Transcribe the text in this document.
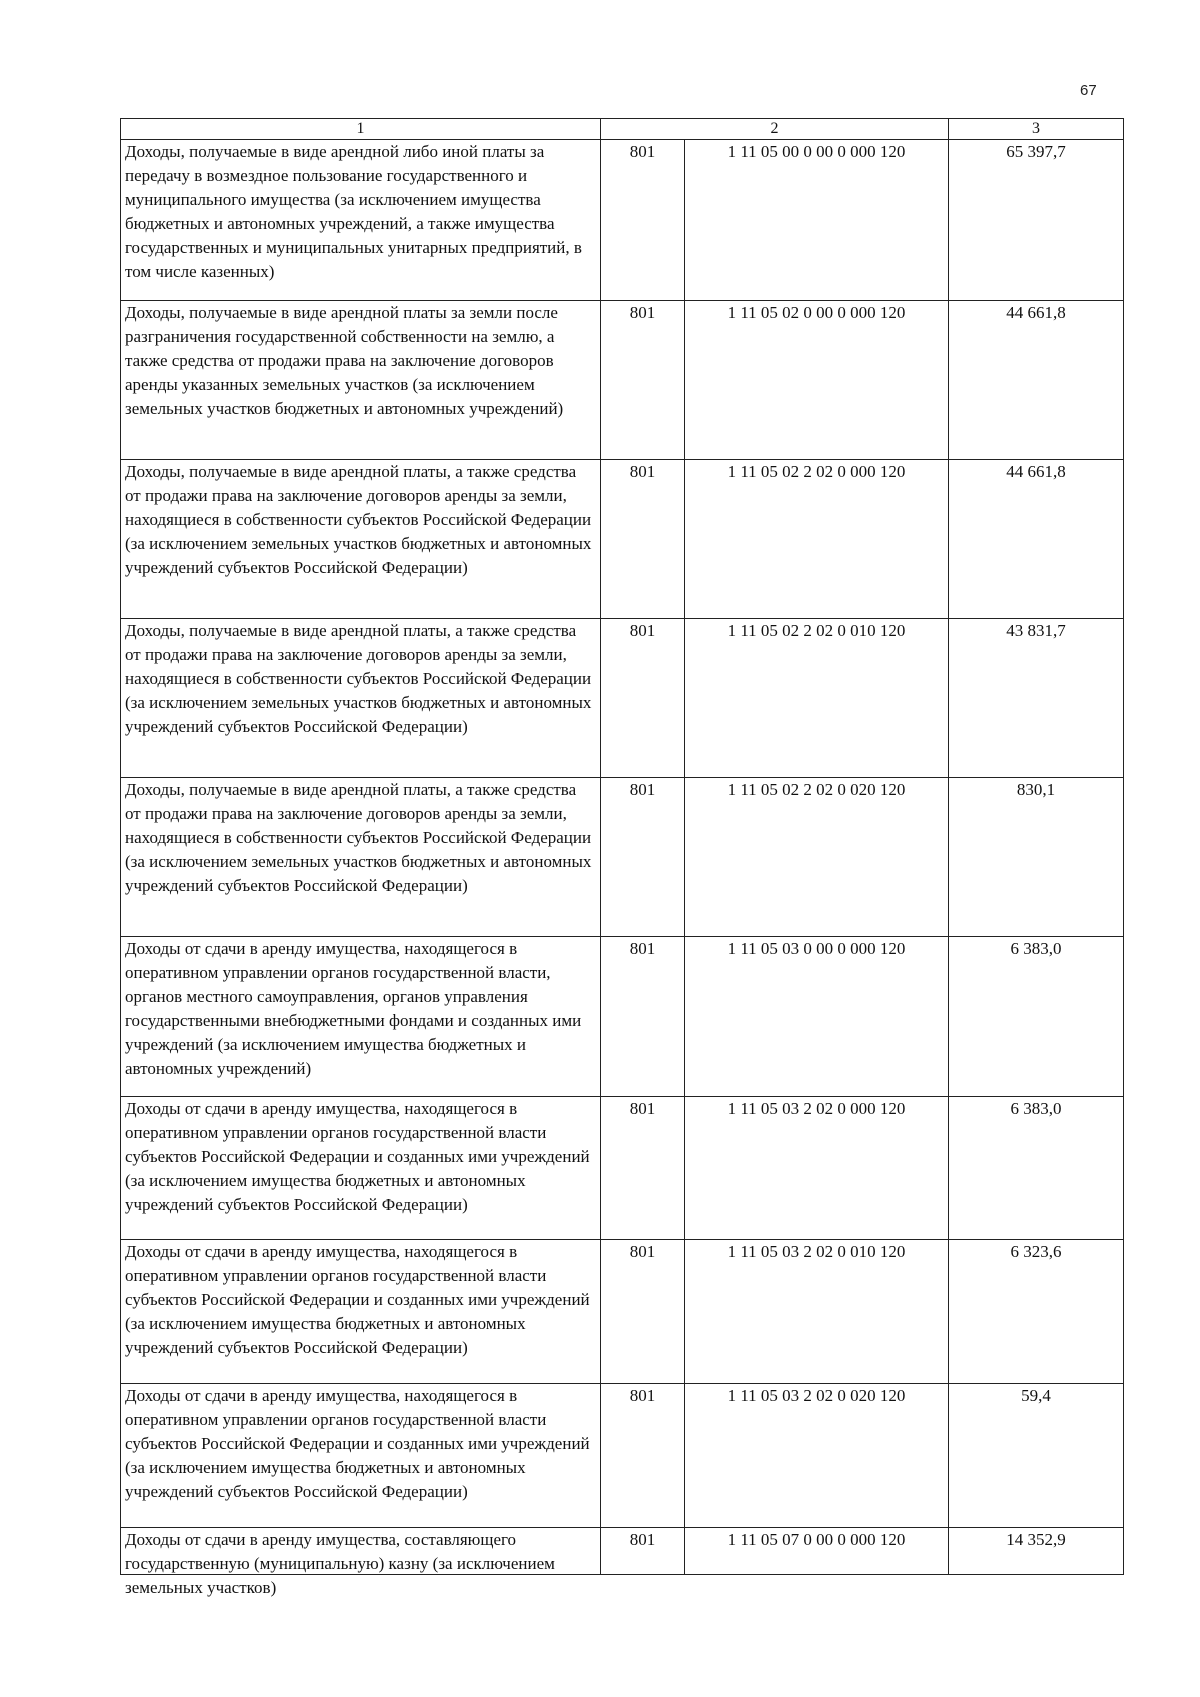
67
1	2		3
Доходы, получаемые в виде арендной либо иной платы за передачу в возмездное пользование государственного и муниципального имущества (за исключением имущества бюджетных и автономных учреждений, а также имущества государственных и муниципальных унитарных предприятий, в том числе казенных)	801	1 11 05 00 0 00 0 000 120	65 397,7
Доходы, получаемые в виде арендной платы за земли после разграничения государственной собственности на землю, а также средства от продажи права на заключение договоров аренды указанных земельных участков (за исключением земельных участков бюджетных и автономных учреждений)	801	1 11 05 02 0 00 0 000 120	44 661,8
Доходы, получаемые в виде арендной платы, а также средства от продажи права на заключение договоров аренды за земли, находящиеся в собственности субъектов Российской Федерации (за исключением земельных участков бюджетных и автономных учреждений субъектов Российской Федерации)	801	1 11 05 02 2 02 0 000 120	44 661,8
Доходы, получаемые в виде арендной платы, а также средства от продажи права на заключение договоров аренды за земли, находящиеся в собственности субъектов Российской Федерации (за исключением земельных участков бюджетных и автономных учреждений субъектов Российской Федерации)	801	1 11 05 02 2 02 0 010 120	43 831,7
Доходы, получаемые в виде арендной платы, а также средства от продажи права на заключение договоров аренды за земли, находящиеся в собственности субъектов Российской Федерации (за исключением земельных участков бюджетных и автономных учреждений субъектов Российской Федерации)	801	1 11 05 02 2 02 0 020 120	830,1
Доходы от сдачи в аренду имущества, находящегося в оперативном управлении органов государственной власти, органов местного самоуправления, органов управления государственными внебюджетными фондами и созданных ими учреждений (за исключением имущества бюджетных и автономных учреждений)	801	1 11 05 03 0 00 0 000 120	6 383,0
Доходы от сдачи в аренду имущества, находящегося в оперативном управлении органов государственной власти субъектов Российской Федерации и созданных ими учреждений (за исключением имущества бюджетных и автономных учреждений субъектов Российской Федерации)	801	1 11 05 03 2 02 0 000 120	6 383,0
Доходы от сдачи в аренду имущества, находящегося в оперативном управлении органов государственной власти субъектов Российской Федерации и созданных ими учреждений (за исключением имущества бюджетных и автономных учреждений субъектов Российской Федерации)	801	1 11 05 03 2 02 0 010 120	6 323,6
Доходы от сдачи в аренду имущества, находящегося в оперативном управлении органов государственной власти субъектов Российской Федерации и созданных ими учреждений (за исключением имущества бюджетных и автономных учреждений субъектов Российской Федерации)	801	1 11 05 03 2 02 0 020 120	59,4

Доходы от сдачи в аренду имущества, составляющего государственную (муниципальную) казну (за исключением земельных участков)	801	1 11 05 07 0 00 0 000 120	14 352,9
